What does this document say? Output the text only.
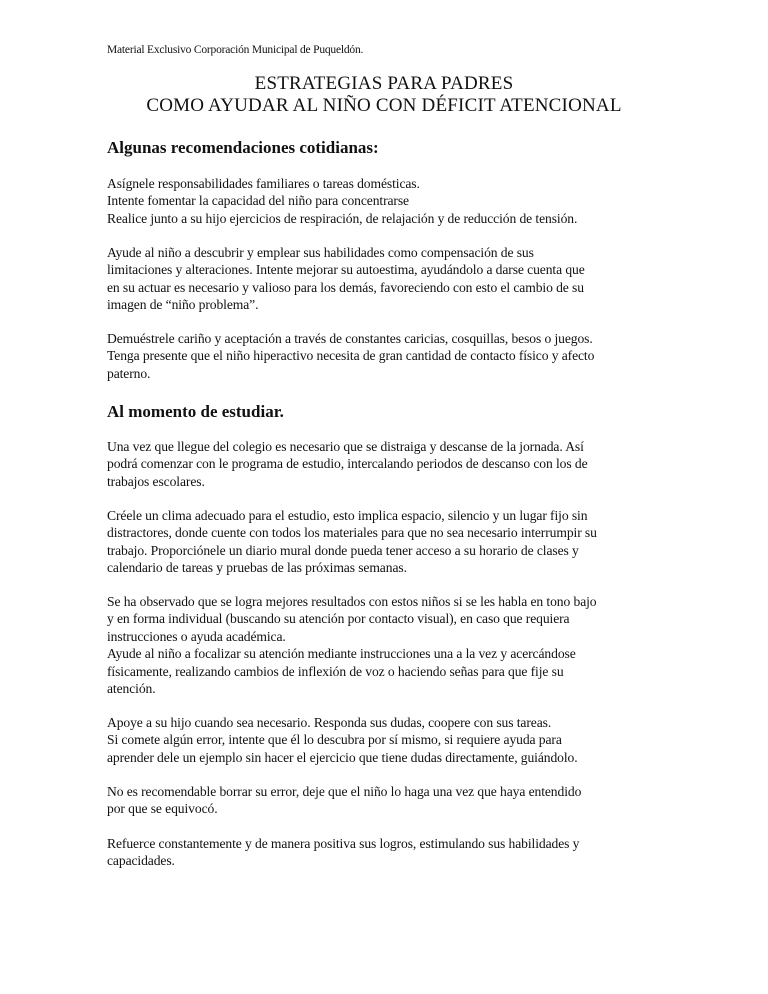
Material Exclusivo Corporación Municipal de Puqueldón.
ESTRATEGIAS PARA PADRES
COMO AYUDAR AL NIÑO CON DÉFICIT ATENCIONAL
Algunas recomendaciones cotidianas:
Asígnele responsabilidades familiares o tareas domésticas.
Intente fomentar la capacidad del niño para concentrarse
Realice junto a su hijo ejercicios de respiración, de relajación y de reducción de tensión.
Ayude al niño a descubrir y emplear sus habilidades como compensación de sus
limitaciones y alteraciones. Intente mejorar su autoestima, ayudándolo a darse cuenta que
en su actuar es necesario y valioso para los demás, favoreciendo con esto el cambio de su
imagen de “niño problema”.
Demuéstrele cariño y aceptación a través de constantes caricias, cosquillas, besos o juegos.
Tenga presente que el niño hiperactivo necesita de gran cantidad de contacto físico y afecto
paterno.
Al momento de estudiar.
Una vez que llegue del colegio es necesario que se distraiga y descanse de la jornada. Así
podrá comenzar con le programa de estudio, intercalando periodos de descanso con los de
trabajos escolares.
Créele un clima adecuado para el estudio, esto implica espacio, silencio y un lugar fijo sin
distractores, donde cuente con todos los materiales para que no sea necesario interrumpir su
trabajo. Proporciónele un diario mural donde pueda tener acceso a su horario de clases y
calendario de tareas y pruebas de las próximas semanas.
Se ha observado que se logra mejores resultados con estos niños si se les habla en tono bajo
y en forma individual (buscando su atención por contacto visual), en caso que requiera
instrucciones o ayuda académica.
Ayude al niño a focalizar su atención mediante instrucciones una a la vez y acercándose
físicamente, realizando cambios de inflexión de voz o haciendo señas para que fije su
atención.
Apoye a su hijo cuando sea necesario. Responda sus dudas, coopere con sus tareas.
Si comete algún error, intente que él lo descubra por sí mismo, si requiere ayuda para
aprender dele un ejemplo sin hacer el ejercicio que tiene dudas directamente, guiándolo.
No es recomendable borrar su error, deje que el niño lo haga una vez que haya entendido
por que se equivocó.
Refuerce constantemente y de manera positiva sus logros, estimulando sus habilidades y
capacidades.
